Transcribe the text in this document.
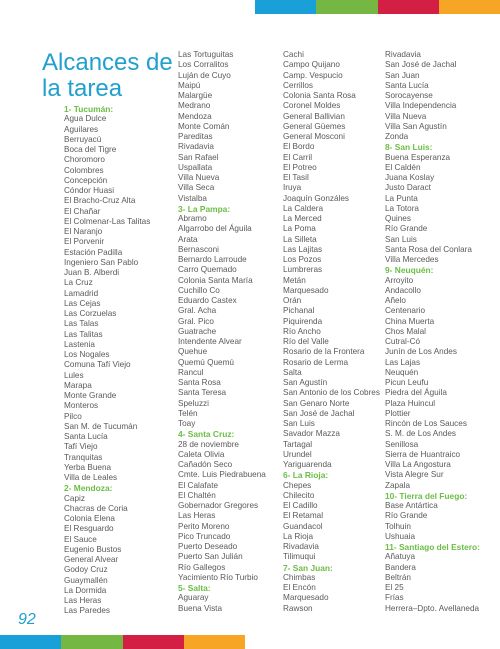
Alcances de la tarea
1- Tucumán:
Agua Dulce
Aguilares
Berruyacú
Boca del Tigre
Choromoro
Colombres
Concepción
Cóndor Huasi
El Bracho-Cruz Alta
El Chañar
El Colmenar-Las Talitas
El Naranjo
El Porvenir
Estación Padilla
Ingeniero San Pablo
Juan B. Alberdi
La Cruz
Lamadrid
Las Cejas
Las Corzuelas
Las Talas
Las Talitas
Lastenia
Los Nogales
Comuna Tafí Viejo
Lules
Marapa
Monte Grande
Monteros
Pilco
San M. de Tucumán
Santa Lucía
Tafí Viejo
Tranquitas
Yerba Buena
Villa de Leales
2- Mendoza:
Capiz
Chacras de Coria
Colonia Elena
El Resguardo
El Sauce
Eugenio Bustos
General Alvear
Godoy Cruz
Guaymallén
La Dormida
Las Heras
Las Paredes
Las Tortuguitas
Los Corralitos
Luján de Cuyo
Maipú
Malargüe
Medrano
Mendoza
Monte Comán
Pareditas
Rivadavia
San Rafael
Uspallata
Villa Nueva
Villa Seca
Vistalba
3- La Pampa:
Abramo
Algarrobo del Águila
Arata
Bernasconi
Bernardo Larroude
Carro Quemado
Colonia Santa María
Cuchillo Co
Eduardo Castex
Gral. Acha
Gral. Pico
Guatrache
Intendente Alvear
Quehue
Quemú Quemú
Rancul
Santa Rosa
Santa Teresa
Speluzzi
Telén
Toay
4- Santa Cruz:
28 de noviembre
Caleta Olivia
Cañadón Seco
Cmte. Luis Piedrabuena
El Calafate
El Chaltén
Gobernador Gregores
Las Heras
Perito Moreno
Pico Truncado
Puerto Deseado
Puerto San Julián
Río Gallegos
Yacimiento Río Turbio
5- Salta:
Aguaray
Buena Vista
Cachi
Campo Quijano
Camp. Vespucio
Cerrillos
Colonia Santa Rosa
Coronel Moldes
General Ballivian
General Güemes
General Mosconi
El Bordo
El Carril
El Potreo
El Tasil
Iruya
Joaquín Gonzáles
La Caldera
La Merced
La Poma
La Silleta
Las Lajitas
Los Pozos
Lumbreras
Metán
Marquesado
Orán
Pichanal
Piquirenda
Río Ancho
Río del Valle
Rosario de la Frontera
Rosario de Lerma
Salta
San Agustín
San Antonio de los Cobres
San Genaro Norte
San José de Jachal
San Luis
Savador Mazza
Tartagal
Urundel
Yariguarenda
6- La Rioja:
Chepes
Chilecito
El Cadillo
El Retamal
Guandacol
La Rioja
Rivadavia
Tilimuqui
7- San Juan:
Chimbas
El Encón
Marquesado
Rawson
Rivadavia
San José de Jachal
San Juan
Santa Lucía
Sorocayense
Villa Independencia
Villa Nueva
Villa San Agustín
Zonda
8- San Luis:
Buena Esperanza
El Caldén
Juana Koslay
Justo Daract
La Punta
La Totora
Quines
Río Grande
San Luis
Santa Rosa del Conlara
Villa Mercedes
9- Neuquén:
Arroyito
Andacollo
Añelo
Centenario
China Muerta
Chos Malal
Cutral-Có
Junín de Los Andes
Las Lajas
Neuquén
Picun Leufu
Piedra del Águila
Plaza Huincul
Plottier
Rincón de Los Sauces
S. M. de Los Andes
Senillosa
Sierra de Huantraico
Villa La Angostura
Vista Alegre Sur
Zapala
10- Tierra del Fuego:
Base Antártica
Río Grande
Tolhuin
Ushuaia
11- Santiago del Estero:
Añatuya
Bandera
Beltrán
El 25
Frías
Herrera–Dpto. Avellaneda
92
